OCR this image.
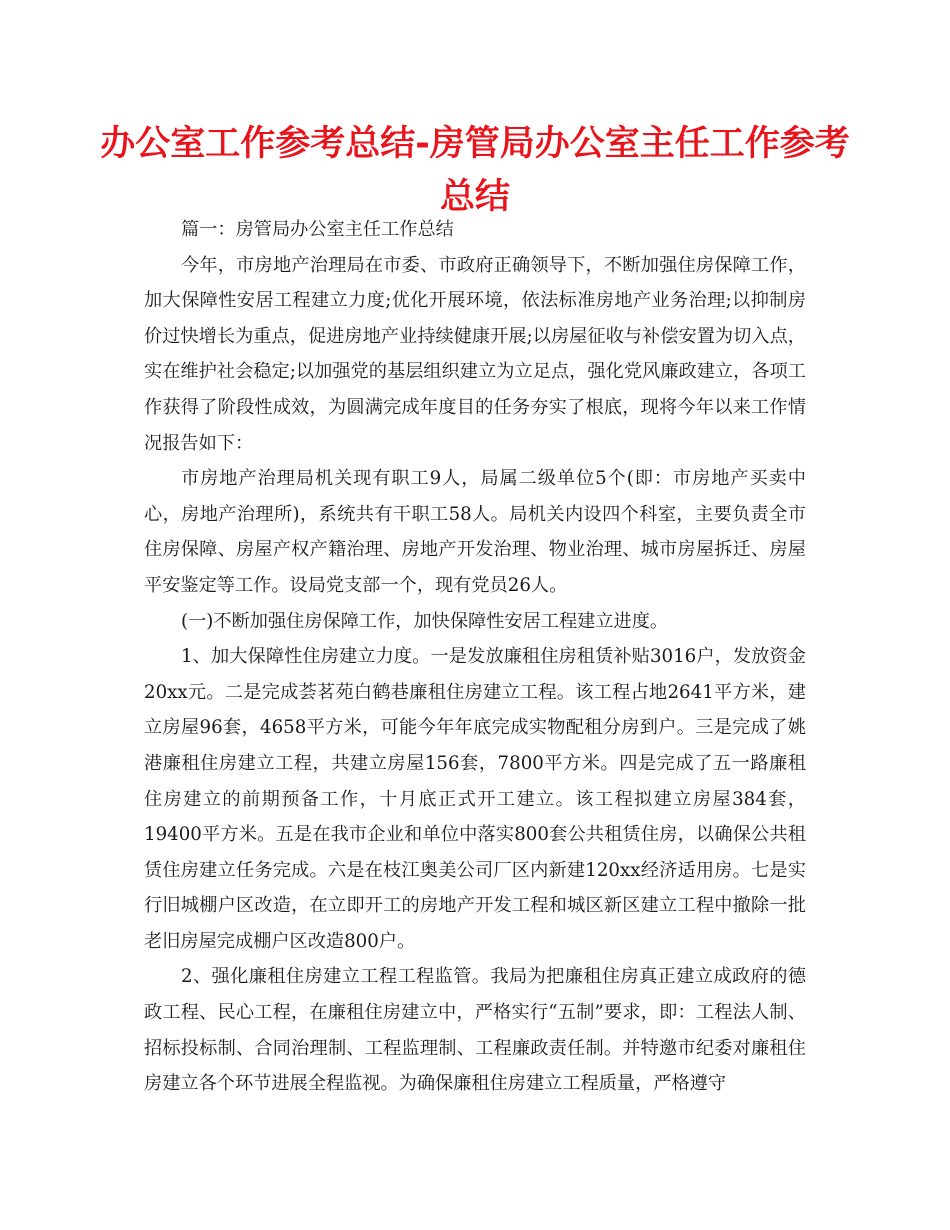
办公室工作参考总结-房管局办公室主任工作参考总结

篇一：房管局办公室主任工作总结

今年，市房地产治理局在市委、市政府正确领导下，不断加强住房保障工作，加大保障性安居工程建立力度;优化开展环境，依法标准房地产业务治理;以抑制房价过快增长为重点，促进房地产业持续健康开展;以房屋征收与补偿安置为切入点，实在维护社会稳定;以加强党的基层组织建立为立足点，强化党风廉政建立，各项工作获得了阶段性成效，为圆满完成年度目的任务夯实了根底，现将今年以来工作情况报告如下：

市房地产治理局机关现有职工9人，局属二级单位5个(即：市房地产买卖中心，房地产治理所)，系统共有干职工58人。局机关内设四个科室，主要负责全市住房保障、房屋产权产籍治理、房地产开发治理、物业治理、城市房屋拆迁、房屋平安鉴定等工作。设局党支部一个，现有党员26人。

(一)不断加强住房保障工作，加快保障性安居工程建立进度。

1、加大保障性住房建立力度。一是发放廉租住房租赁补贴3016户，发放资金20xx元。二是完成荟茗苑白鹤巷廉租住房建立工程。该工程占地2641平方米，建立房屋96套，4658平方米，可能今年年底完成实物配租分房到户。三是完成了姚港廉租住房建立工程，共建立房屋156套，7800平方米。四是完成了五一路廉租住房建立的前期预备工作，十月底正式开工建立。该工程拟建立房屋384套，19400平方米。五是在我市企业和单位中落实800套公共租赁住房，以确保公共租赁住房建立任务完成。六是在枝江奥美公司厂区内新建120xx经济适用房。七是实行旧城棚户区改造，在立即开工的房地产开发工程和城区新区建立工程中撤除一批老旧房屋完成棚户区改造800户。

2、强化廉租住房建立工程工程监管。我局为把廉租住房真正建立成政府的德政工程、民心工程，在廉租住房建立中，严格实行“五制”要求，即：工程法人制、招标投标制、合同治理制、工程监理制、工程廉政责任制。并特邀市纪委对廉租住房建立各个环节进展全程监视。为确保廉租住房建立工程质量，严格遵守
